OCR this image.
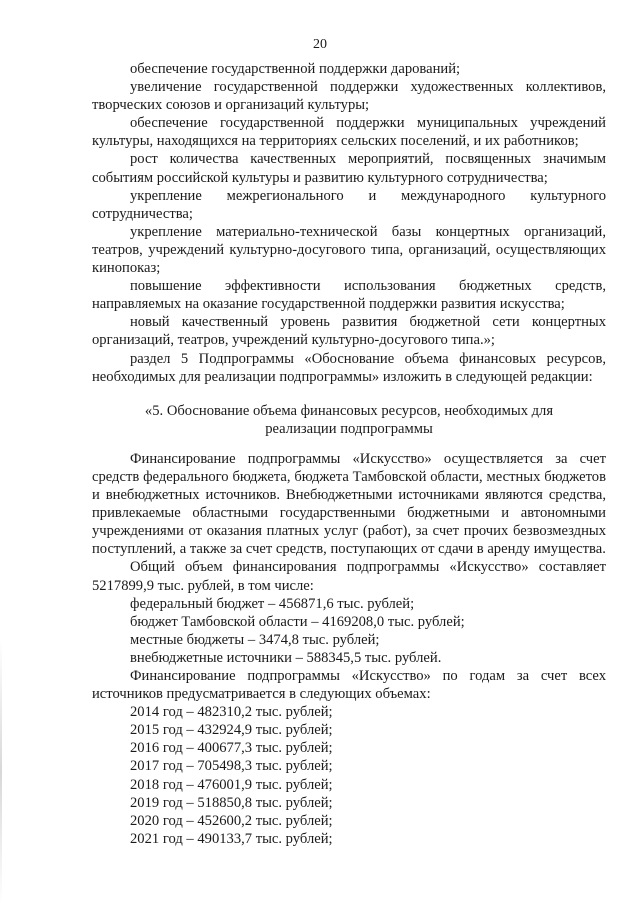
20

обеспечение государственной поддержки дарований;

увеличение государственной поддержки художественных коллективов, творческих союзов и организаций культуры;

обеспечение государственной поддержки муниципальных учреждений культуры, находящихся на территориях сельских поселений, и их работников;

рост количества качественных мероприятий, посвященных значимым событиям российской культуры и развитию культурного сотрудничества;

укрепление межрегионального и международного культурного сотрудничества;

укрепление материально-технической базы концертных организаций, театров, учреждений культурно-досугового типа, организаций, осуществляющих кинопоказ;

повышение эффективности использования бюджетных средств, направляемых на оказание государственной поддержки развития искусства;

новый качественный уровень развития бюджетной сети концертных организаций, театров, учреждений культурно-досугового типа.»;

раздел 5 Подпрограммы «Обоснование объема финансовых ресурсов, необходимых для реализации подпрограммы» изложить в следующей редакции:

«5. Обоснование объема финансовых ресурсов, необходимых для
реализации подпрограммы

Финансирование подпрограммы «Искусство» осуществляется за счет средств федерального бюджета, бюджета Тамбовской области, местных бюджетов и внебюджетных источников. Внебюджетными источниками являются средства, привлекаемые областными государственными бюджетными и автономными учреждениями от оказания платных услуг (работ), за счет прочих безвозмездных поступлений, а также за счет средств, поступающих от сдачи в аренду имущества.

Общий объем финансирования подпрограммы «Искусство» составляет 5217899,9 тыс. рублей, в том числе:

федеральный бюджет – 456871,6 тыс. рублей;

бюджет Тамбовской области – 4169208,0 тыс. рублей;

местные бюджеты – 3474,8 тыс. рублей;

внебюджетные источники – 588345,5 тыс. рублей.

Финансирование подпрограммы «Искусство» по годам за счет всех источников предусматривается в следующих объемах:

2014 год – 482310,2 тыс. рублей;
2015 год – 432924,9 тыс. рублей;
2016 год – 400677,3 тыс. рублей;
2017 год – 705498,3 тыс. рублей;
2018 год – 476001,9 тыс. рублей;
2019 год – 518850,8 тыс. рублей;
2020 год – 452600,2 тыс. рублей;
2021 год – 490133,7 тыс. рублей;
